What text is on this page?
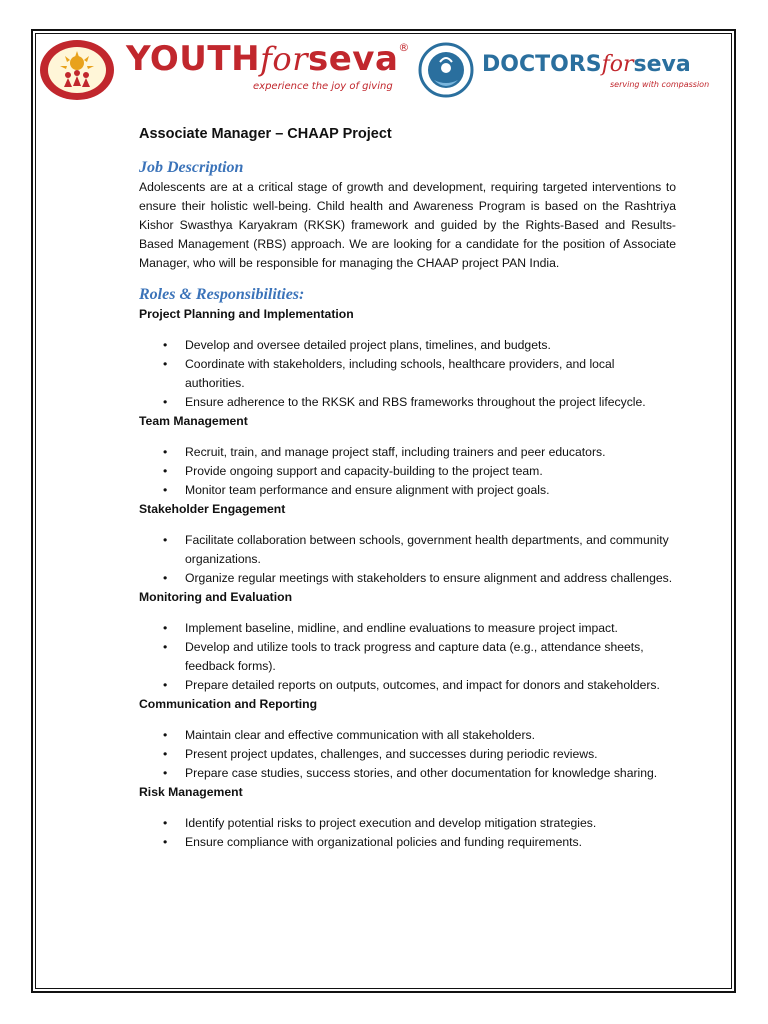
YOUTHforseva®
experience the joy of giving
DOCTORSforseva
serving with compassion
Associate Manager – CHAAP Project
Job Description

Adolescents are at a critical stage of growth and development, requiring targeted interventions to ensure their holistic well-being. Child health and Awareness Program is based on the Rashtriya Kishor Swasthya Karyakram (RKSK) framework and guided by the Rights-Based and Results-Based Management (RBS) approach. We are looking for a candidate for the position of Associate Manager, who will be responsible for managing the CHAAP project PAN India.

Roles & Responsibilities:
Project Planning and Implementation
• Develop and oversee detailed project plans, timelines, and budgets.
• Coordinate with stakeholders, including schools, healthcare providers, and local authorities.
• Ensure adherence to the RKSK and RBS frameworks throughout the project lifecycle.
Team Management
• Recruit, train, and manage project staff, including trainers and peer educators.
• Provide ongoing support and capacity-building to the project team.
• Monitor team performance and ensure alignment with project goals.
Stakeholder Engagement
• Facilitate collaboration between schools, government health departments, and community organizations.
• Organize regular meetings with stakeholders to ensure alignment and address challenges.
Monitoring and Evaluation
• Implement baseline, midline, and endline evaluations to measure project impact.
• Develop and utilize tools to track progress and capture data (e.g., attendance sheets, feedback forms).
• Prepare detailed reports on outputs, outcomes, and impact for donors and stakeholders.
Communication and Reporting
• Maintain clear and effective communication with all stakeholders.
• Present project updates, challenges, and successes during periodic reviews.
• Prepare case studies, success stories, and other documentation for knowledge sharing.
Risk Management
• Identify potential risks to project execution and develop mitigation strategies.
• Ensure compliance with organizational policies and funding requirements.
